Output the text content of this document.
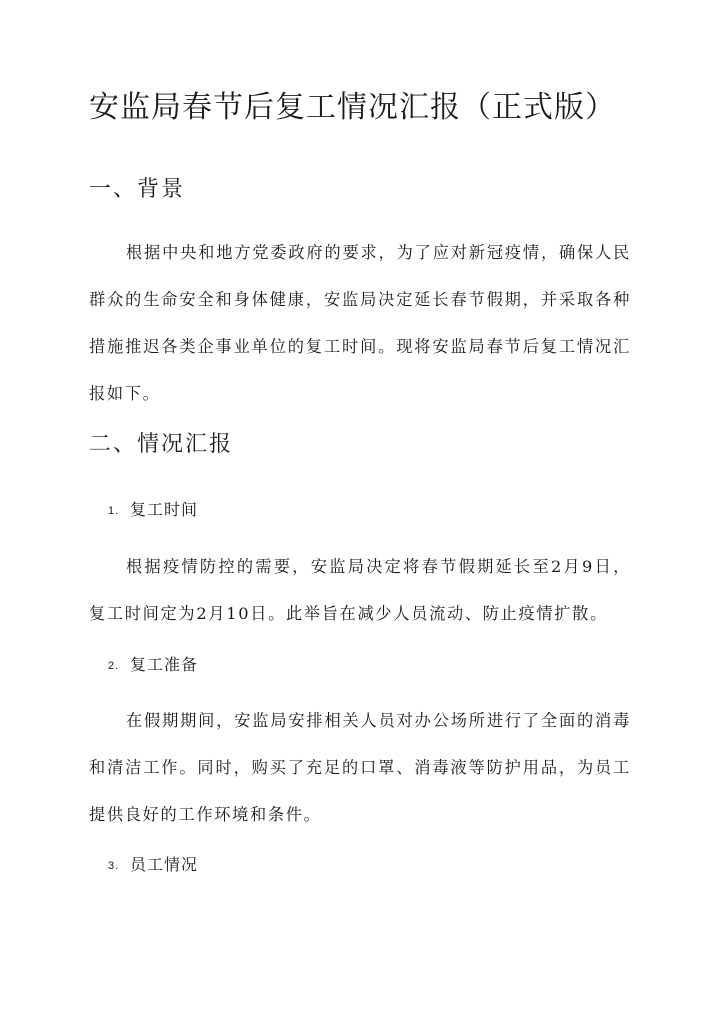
安监局春节后复工情况汇报（正式版）
一、背景

根据中央和地方党委政府的要求，为了应对新冠疫情，确保人民群众的生命安全和身体健康，安监局决定延长春节假期，并采取各种措施推迟各类企事业单位的复工时间。现将安监局春节后复工情况汇报如下。

二、情况汇报
1. 复工时间

根据疫情防控的需要，安监局决定将春节假期延长至2月9日，复工时间定为2月10日。此举旨在减少人员流动、防止疫情扩散。

2. 复工准备

在假期期间，安监局安排相关人员对办公场所进行了全面的消毒和清洁工作。同时，购买了充足的口罩、消毒液等防护用品，为员工提供良好的工作环境和条件。

3. 员工情况
